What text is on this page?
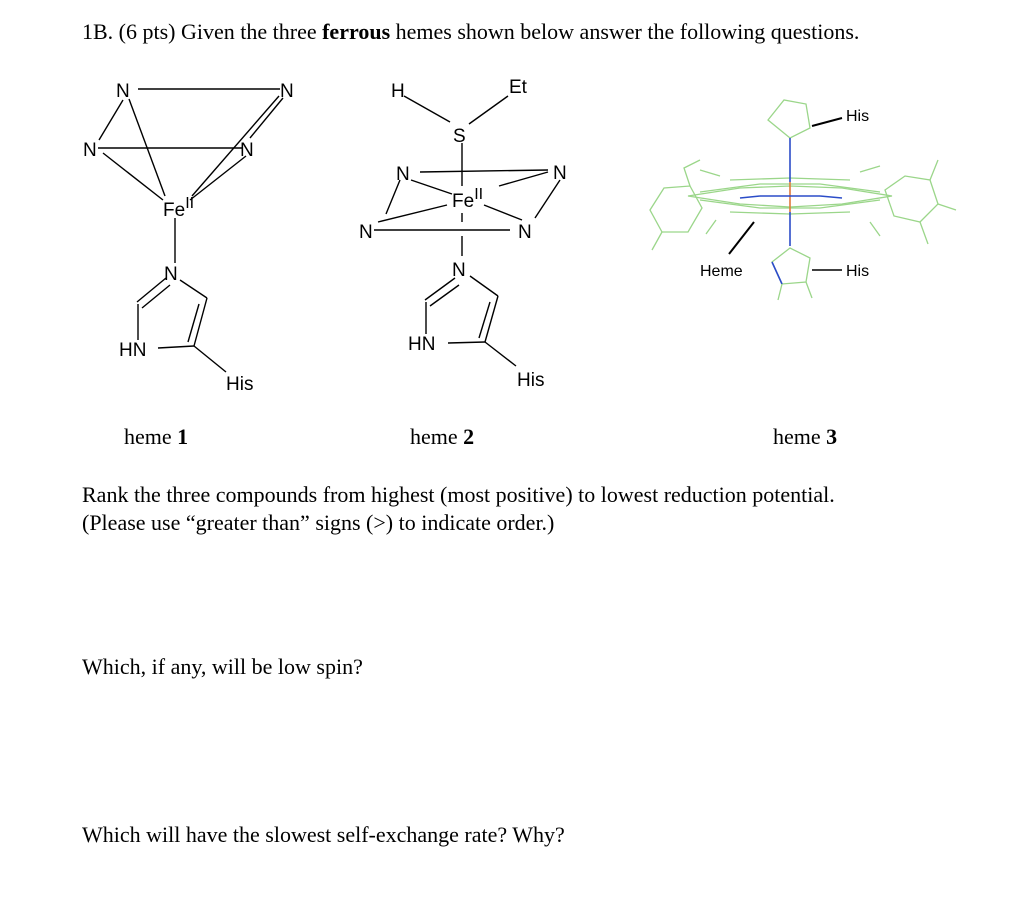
1B. (6 pts) Given the three ferrous hemes shown below answer the following questions.
N	N
N	N
$Fe^{II}$
N
HN
His
H	Et
S
N	N
N	N
$Fe^{II}$
N
HN
His
His
Heme	His
heme 1	heme 2	heme 3
Rank the three compounds from highest (most positive) to lowest reduction potential.
(Please use “greater than” signs (>) to indicate order.)
Which, if any, will be low spin?
Which will have the slowest self-exchange rate? Why?
